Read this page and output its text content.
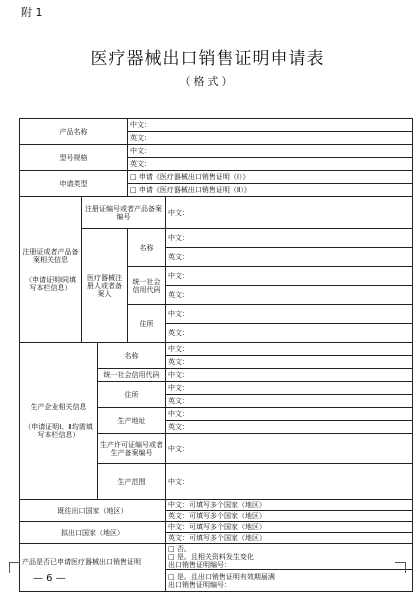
附 1
医疗器械出口销售证明申请表
（格式）
产品名称			中文：	
			英文：	
型号规格			中文：	
			英文：	
申请类型			□ 申请《医疗器械出口销售证明（Ⅰ）》	
			□ 申请《医疗器械出口销售证明（Ⅱ）》	

注册证或者产品备案相关信息
（申请证明Ⅰ同填写本栏信息）	注册证编号或者产品备案编号			中文：
	医疗器械注册人或者备案人		名称	中文：
				英文：
			统一社会信用代码	中文：
				英文：
			住所	中文：
				英文：

生产企业相关信息
（申请证明Ⅰ、Ⅱ均需填写本栏信息）		名称		中文：
				英文：
		统一社会信用代码		中文：
		住所		中文：
				英文：
		生产地址		中文：
				英文：
		生产许可证编号或者生产备案编号		中文：

		生产范围		中文：

既往出口国家（地区）				中文：可填写多个国家（地区）
				英文：可填写多个国家（地区）
拟出口国家（地区）				中文：可填写多个国家（地区）
				英文：可填写多个国家（地区）
产品是否已申请医疗器械出口销售证明				□ 否。
□ 是。且相关资料发生变化
出口销售证明编号：

				□ 是。且出口销售证明有效期届满
出口销售证明编号：
— 6 —
